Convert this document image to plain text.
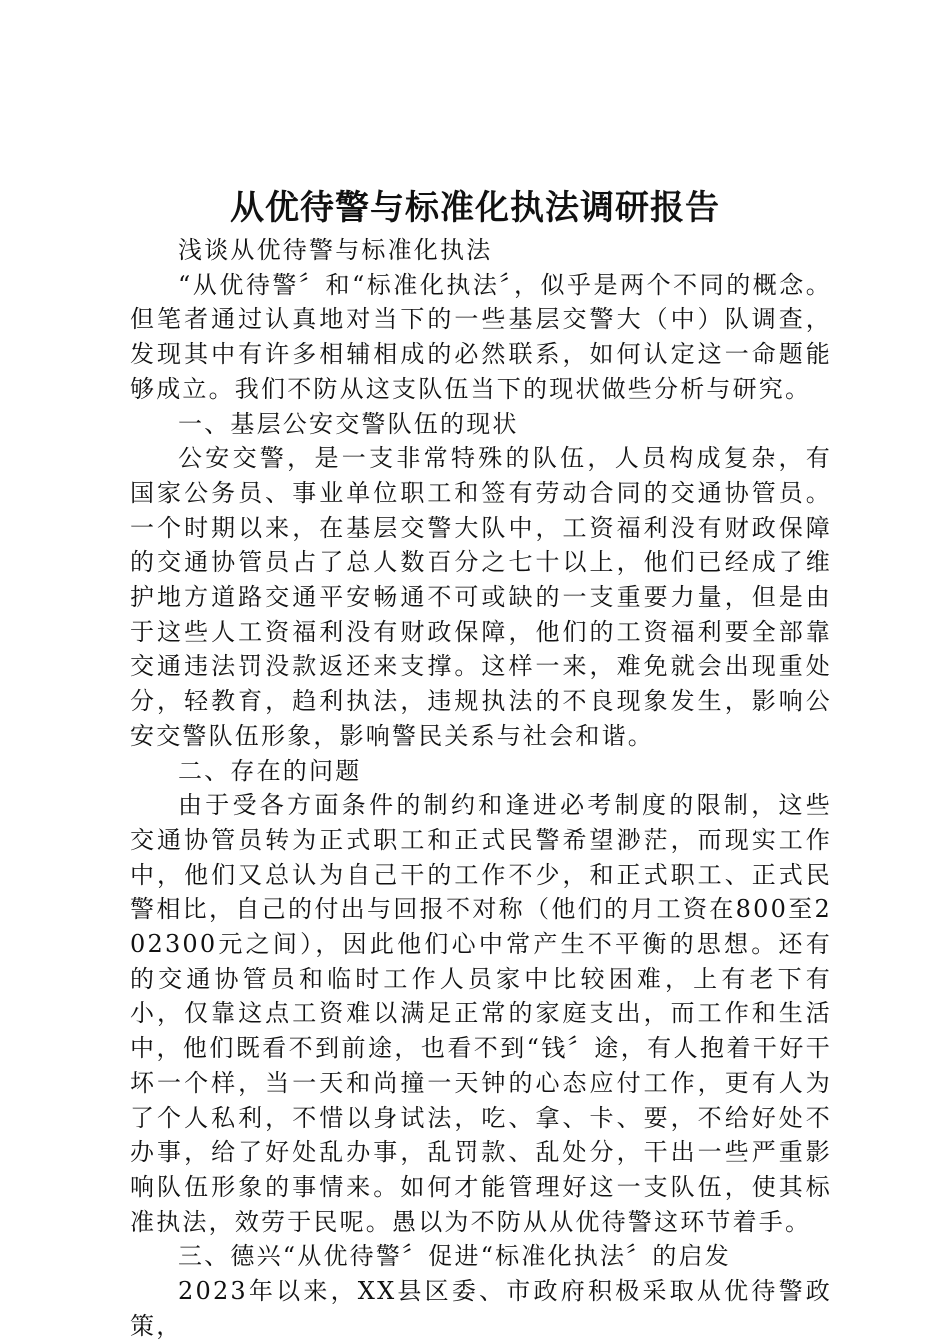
从优待警与标准化执法调研报告

浅谈从优待警与标准化执法

“从优待警〞和“标准化执法〞，似乎是两个不同的概念。但笔者通过认真地对当下的一些基层交警大（中）队调查，发现其中有许多相辅相成的必然联系，如何认定这一命题能够成立。我们不防从这支队伍当下的现状做些分析与研究。

一、基层公安交警队伍的现状

公安交警，是一支非常特殊的队伍，人员构成复杂，有国家公务员、事业单位职工和签有劳动合同的交通协管员。一个时期以来，在基层交警大队中，工资福利没有财政保障的交通协管员占了总人数百分之七十以上，他们已经成了维护地方道路交通平安畅通不可或缺的一支重要力量，但是由于这些人工资福利没有财政保障，他们的工资福利要全部靠交通违法罚没款返还来支撑。这样一来，难免就会出现重处分，轻教育，趋利执法，违规执法的不良现象发生，影响公安交警队伍形象，影响警民关系与社会和谐。

二、存在的问题

由于受各方面条件的制约和逢进必考制度的限制，这些交通协管员转为正式职工和正式民警希望渺茫，而现实工作中，他们又总认为自己干的工作不少，和正式职工、正式民警相比，自己的付出与回报不对称（他们的月工资在800至202300元之间），因此他们心中常产生不平衡的思想。还有的交通协管员和临时工作人员家中比较困难，上有老下有小，仅靠这点工资难以满足正常的家庭支出，而工作和生活中，他们既看不到前途，也看不到“钱〞途，有人抱着干好干坏一个样，当一天和尚撞一天钟的心态应付工作，更有人为了个人私利，不惜以身试法，吃、拿、卡、要，不给好处不办事，给了好处乱办事，乱罚款、乱处分，干出一些严重影响队伍形象的事情来。如何才能管理好这一支队伍，使其标准执法，效劳于民呢。愚以为不防从从优待警这环节着手。

三、德兴“从优待警〞促进“标准化执法〞的启发

2023年以来，XX县区委、市政府积极采取从优待警政策，
